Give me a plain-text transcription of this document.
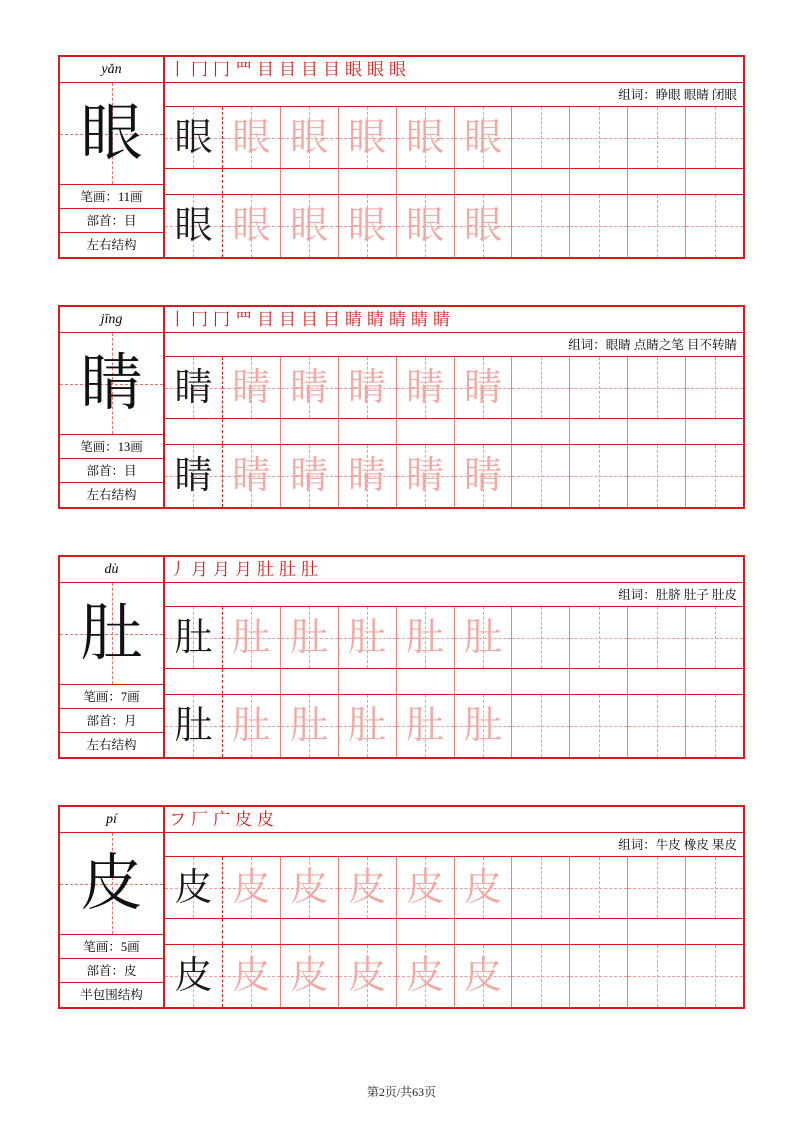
yǎn
眼
笔画：11画
部首：目
左右结构
丨 冂 冂 罒 目 目 目 目 眼 眼 眼
组词：睁眼 眼睛 闭眼
眼 眼 眼 眼 眼 眼
眼 眼 眼 眼 眼 眼
jīng
睛
笔画：13画
部首：目
左右结构
丨 冂 冂 罒 目 目 目 目 睛 睛 睛 睛 睛
组词：眼睛 点睛之笔 目不转睛
睛 睛 睛 睛 睛 睛
睛 睛 睛 睛 睛 睛
dù
肚
笔画：7画
部首：月
左右结构
丿 月 月 月 肚 肚 肚
组词：肚脐 肚子 肚皮
肚 肚 肚 肚 肚 肚
肚 肚 肚 肚 肚 肚
pí
皮
笔画：5画
部首：皮
半包围结构
フ 厂 广 皮 皮
组词：牛皮 橡皮 果皮
皮 皮 皮 皮 皮 皮
皮 皮 皮 皮 皮 皮
第2页/共63页
